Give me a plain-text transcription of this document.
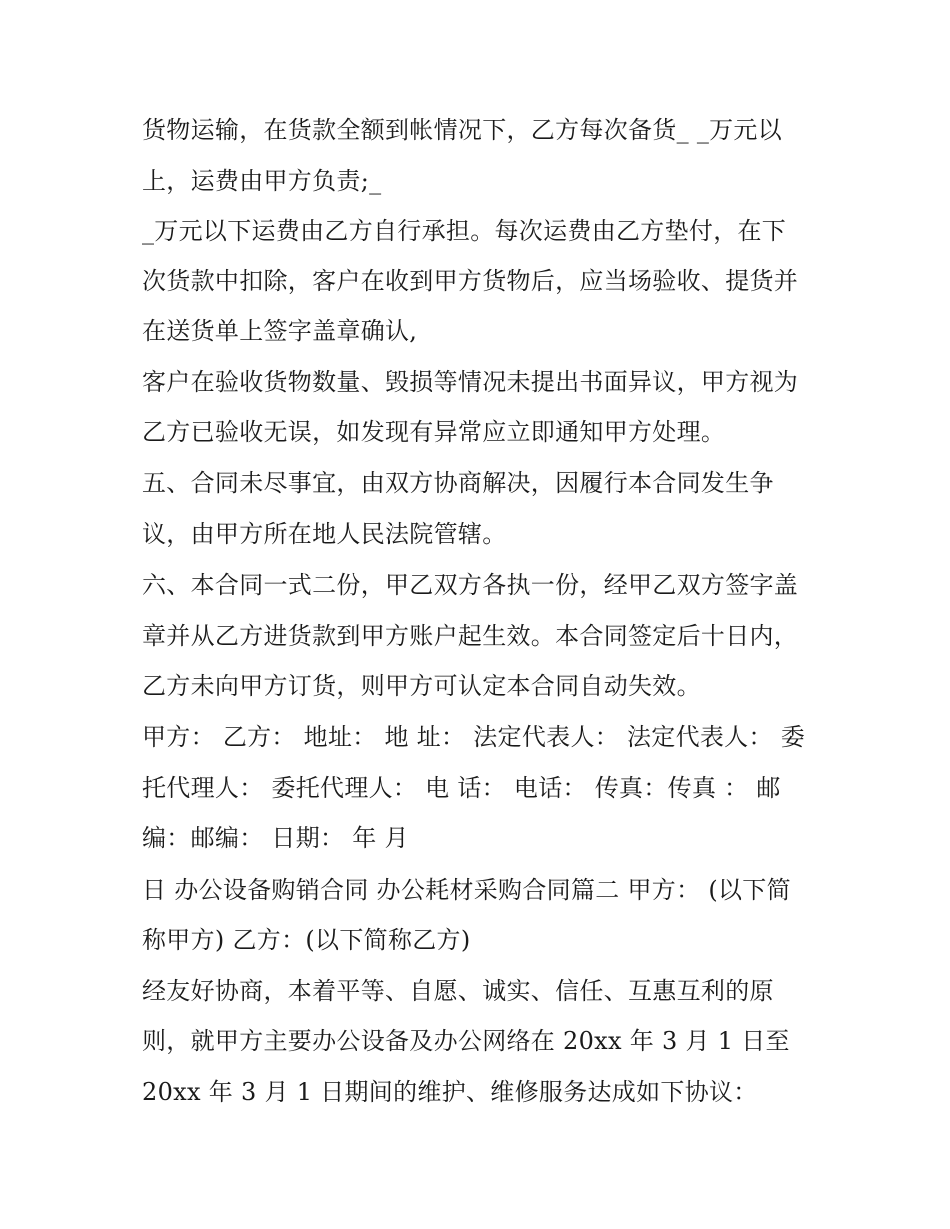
货物运输，在货款全额到帐情况下，乙方每次备货_ _万元以
上，运费由甲方负责;_
_万元以下运费由乙方自行承担。每次运费由乙方垫付，在下
次货款中扣除，客户在收到甲方货物后，应当场验收、提货并
在送货单上签字盖章确认,
客户在验收货物数量、毁损等情况未提出书面异议，甲方视为
乙方已验收无误，如发现有异常应立即通知甲方处理。
五、合同未尽事宜，由双方协商解决，因履行本合同发生争
议，由甲方所在地人民法院管辖。
六、本合同一式二份，甲乙双方各执一份，经甲乙双方签字盖
章并从乙方进货款到甲方账户起生效。本合同签定后十日内，
乙方未向甲方订货，则甲方可认定本合同自动失效。
甲方： 乙方： 地址： 地 址： 法定代表人： 法定代表人： 委
托代理人： 委托代理人： 电 话： 电话： 传真：传真 ： 邮
编：邮编： 日期： 年 月
日 办公设备购销合同 办公耗材采购合同篇二 甲方： (以下简
称甲方) 乙方：(以下简称乙方)
经友好协商，本着平等、自愿、诚实、信任、互惠互利的原
则，就甲方主要办公设备及办公网络在 20xx 年 3 月 1 日至
20xx 年 3 月 1 日期间的维护、维修服务达成如下协议：
